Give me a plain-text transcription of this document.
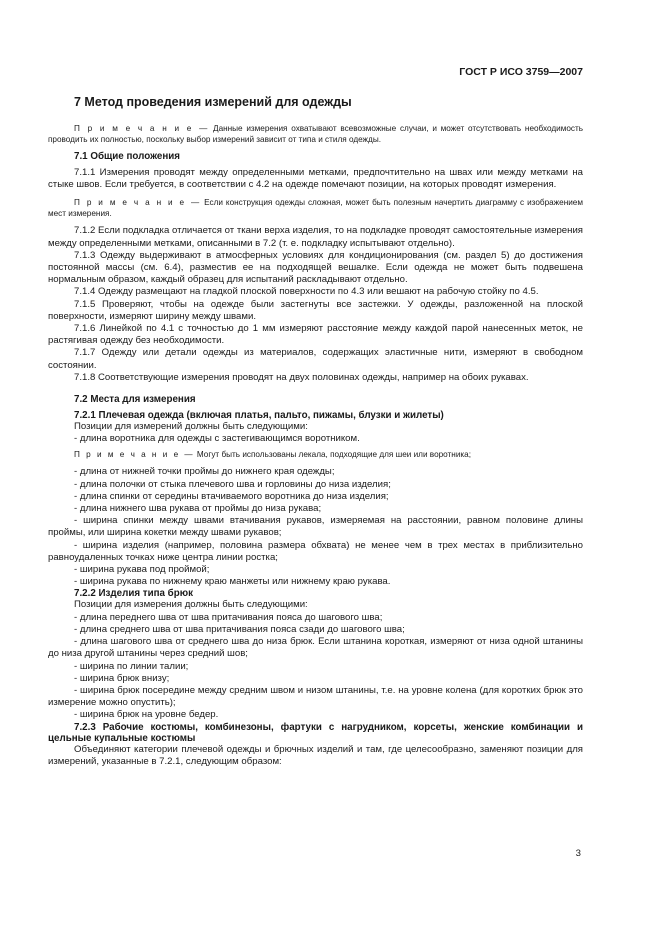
ГОСТ Р ИСО 3759—2007
7 Метод проведения измерений для одежды

П р и м е ч а н и е — Данные измерения охватывают всевозможные случаи, и может отсутствовать необходимость проводить их полностью, поскольку выбор измерений зависит от типа и стиля одежды.

7.1 Общие положения

7.1.1 Измерения проводят между определенными метками, предпочтительно на швах или между метками на стыке швов. Если требуется, в соответствии с 4.2 на одежде помечают позиции, на которых проводят измерения.

П р и м е ч а н и е — Если конструкция одежды сложная, может быть полезным начертить диаграмму с изображением мест измерения.

7.1.2 Если подкладка отличается от ткани верха изделия, то на подкладке проводят самостоятельные измерения между определенными метками, описанными в 7.2 (т. е. подкладку испытывают отдельно).

7.1.3 Одежду выдерживают в атмосферных условиях для кондиционирования (см. раздел 5) до достижения постоянной массы (см. 6.4), разместив ее на подходящей вешалке. Если одежда не может быть подвешена нормальным образом, каждый образец для испытаний раскладывают отдельно.

7.1.4 Одежду размещают на гладкой плоской поверхности по 4.3 или вешают на рабочую стойку по 4.5.

7.1.5 Проверяют, чтобы на одежде были застегнуты все застежки. У одежды, разложенной на плоской поверхности, измеряют ширину между швами.

7.1.6 Линейкой по 4.1 с точностью до 1 мм измеряют расстояние между каждой парой нанесенных меток, не растягивая одежду без необходимости.

7.1.7 Одежду или детали одежды из материалов, содержащих эластичные нити, измеряют в свободном состоянии.

7.1.8 Соответствующие измерения проводят на двух половинах одежды, например на обоих рукавах.

7.2 Места для измерения
7.2.1 Плечевая одежда (включая платья, пальто, пижамы, блузки и жилеты)

Позиции для измерений должны быть следующими:

- длина воротника для одежды с застегивающимся воротником.

П р и м е ч а н и е — Могут быть использованы лекала, подходящие для шеи или воротника;

- длина от нижней точки проймы до нижнего края одежды;

- длина полочки от стыка плечевого шва и горловины до низа изделия;

- длина спинки от середины втачиваемого воротника до низа изделия;

- длина нижнего шва рукава от проймы до низа рукава;

- ширина спинки между швами втачивания рукавов, измеряемая на расстоянии, равном половине длины проймы, или ширина кокетки между швами рукавов;

- ширина изделия (например, половина размера обхвата) не менее чем в трех местах в приблизительно равноудаленных точках ниже центра линии ростка;

- ширина рукава под проймой;

- ширина рукава по нижнему краю манжеты или нижнему краю рукава.

7.2.2 Изделия типа брюк

Позиции для измерения должны быть следующими:

- длина переднего шва от шва притачивания пояса до шагового шва;

- длина среднего шва от шва притачивания пояса сзади до шагового шва;

- длина шагового шва от среднего шва до низа брюк. Если штанина короткая, измеряют от низа одной штанины до низа другой штанины через средний шов;

- ширина по линии талии;

- ширина брюк внизу;

- ширина брюк посередине между средним швом и низом штанины, т.е. на уровне колена (для коротких брюк это измерение можно опустить);

- ширина брюк на уровне бедер.

7.2.3 Рабочие костюмы, комбинезоны, фартуки с нагрудником, корсеты, женские комбинации и цельные купальные костюмы

Объединяют категории плечевой одежды и брючных изделий и там, где целесообразно, заменяют позиции для измерений, указанные в 7.2.1, следующим образом:

3
